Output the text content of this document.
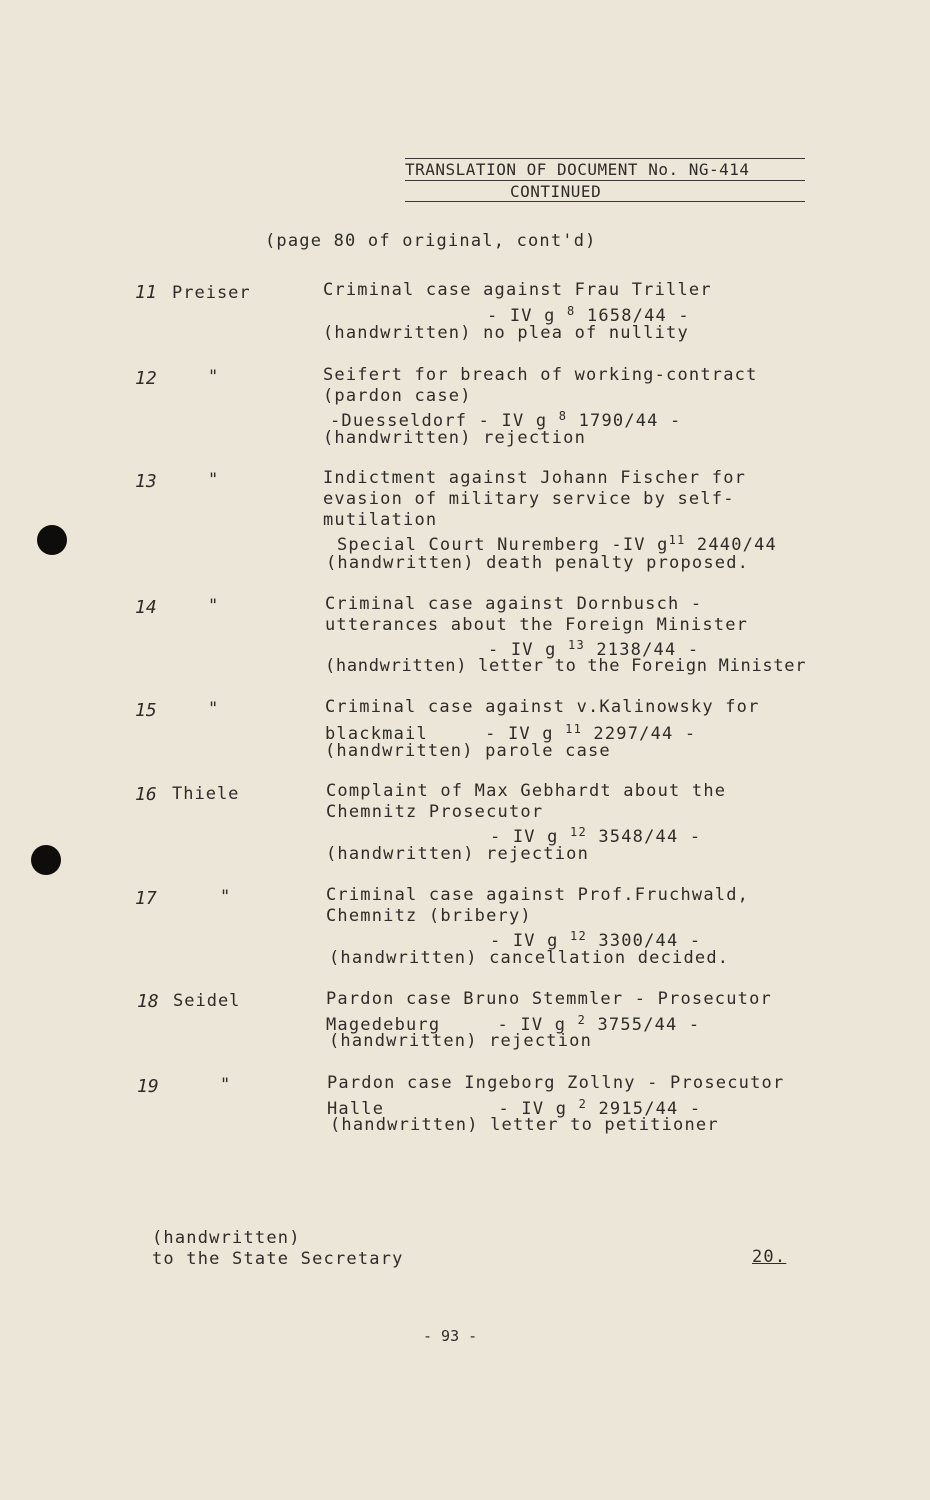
TRANSLATION OF DOCUMENT No. NG-414
CONTINUED
(page 80 of original, cont'd)
11 Preiser	Criminal case against Frau Triller
- IV g $^8$ 1658/44 -
(handwritten) no plea of nullity
12	"	Seifert for breach of working-contract
(pardon case)
-Duesseldorf - IV g $^8$ 1790/44 -
(handwritten) rejection
13	"	Indictment against Johann Fischer for
evasion of military service by self-
mutilation
Special Court Nuremberg -IV $g^{11}$ 2440/44
(handwritten) death penalty proposed.
14	"	Criminal case against Dornbusch -
utterances about the Foreign Minister
- IV g $^{13}$ 2138/44 -
(handwritten) letter to the Foreign Minister
15	"	Criminal case against v.Kalinowsky for
blackmail     - IV g $^{11}$ 2297/44 -
(handwritten) parole case
16 Thiele	Complaint of Max Gebhardt about the
Chemnitz Prosecutor
- IV g $^{12}$ 3548/44 -
(handwritten) rejection
17	"	Criminal case against Prof.Fruchwald,
Chemnitz (bribery)
- IV g $^{12}$ 3300/44 -
(handwritten) cancellation decided.
18 Seidel	Pardon case Bruno Stemmler - Prosecutor
Magedeburg     - IV g $^2$ 3755/44 -
(handwritten) rejection
19	"	Pardon case Ingeborg Zollny - Prosecutor
Halle          - IV g $^2$ 2915/44 -
(handwritten) letter to petitioner
(handwritten)
to the State Secretary	20.
- 93 -
